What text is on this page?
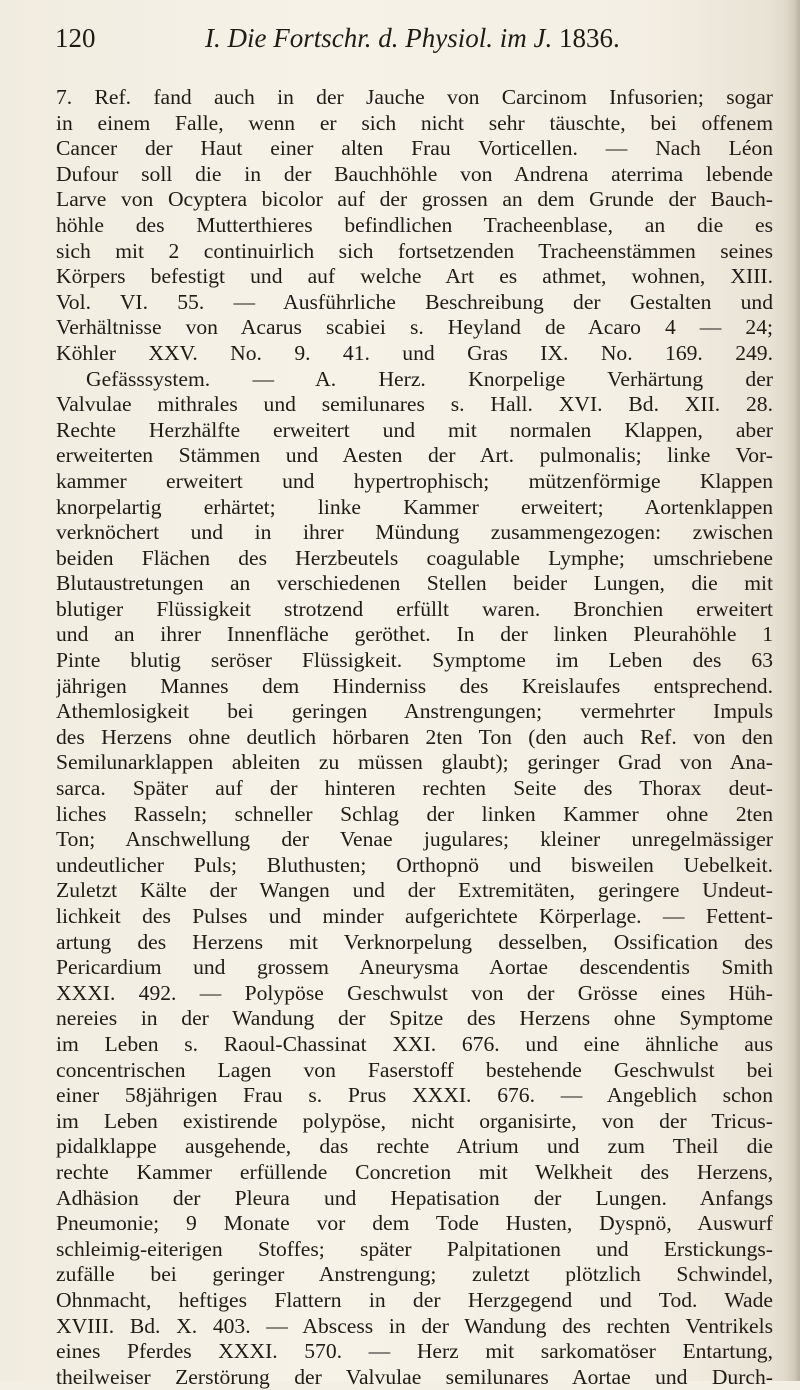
120	I. Die Fortschr. d. Physiol. im J. 1836.
7. Ref. fand auch in der Jauche von Carcinom Infusorien; sogar
in einem Falle, wenn er sich nicht sehr täuschte, bei offenem
Cancer der Haut einer alten Frau Vorticellen. — Nach Léon
Dufour soll die in der Bauchhöhle von Andrena aterrima lebende
Larve von Ocyptera bicolor auf der grossen an dem Grunde der Bauch-
höhle des Mutterthieres befindlichen Tracheenblase, an die es
sich mit 2 continuirlich sich fortsetzenden Tracheenstämmen seines
Körpers befestigt und auf welche Art es athmet, wohnen, XIII.
Vol. VI. 55. — Ausführliche Beschreibung der Gestalten und
Verhältnisse von Acarus scabiei s. Heyland de Acaro 4 — 24;
Köhler XXV. No. 9. 41. und Gras IX. No. 169. 249.
Gefässsystem. — A. Herz. Knorpelige Verhärtung der
Valvulae mithrales und semilunares s. Hall. XVI. Bd. XII. 28.
Rechte Herzhälfte erweitert und mit normalen Klappen, aber
erweiterten Stämmen und Aesten der Art. pulmonalis; linke Vor-
kammer erweitert und hypertrophisch; mützenförmige Klappen
knorpelartig erhärtet; linke Kammer erweitert; Aortenklappen
verknöchert und in ihrer Mündung zusammengezogen: zwischen
beiden Flächen des Herzbeutels coagulable Lymphe; umschriebene
Blutaustretungen an verschiedenen Stellen beider Lungen, die mit
blutiger Flüssigkeit strotzend erfüllt waren. Bronchien erweitert
und an ihrer Innenfläche geröthet. In der linken Pleurahöhle 1
Pinte blutig seröser Flüssigkeit. Symptome im Leben des 63
jährigen Mannes dem Hinderniss des Kreislaufes entsprechend.
Athemlosigkeit bei geringen Anstrengungen; vermehrter Impuls
des Herzens ohne deutlich hörbaren 2ten Ton (den auch Ref. von den
Semilunarklappen ableiten zu müssen glaubt); geringer Grad von Ana-
sarca. Später auf der hinteren rechten Seite des Thorax deut-
liches Rasseln; schneller Schlag der linken Kammer ohne 2ten
Ton; Anschwellung der Venae jugulares; kleiner unregelmässiger
undeutlicher Puls; Bluthusten; Orthopnö und bisweilen Uebelkeit.
Zuletzt Kälte der Wangen und der Extremitäten, geringere Undeut-
lichkeit des Pulses und minder aufgerichtete Körperlage. — Fettent-
artung des Herzens mit Verknorpelung desselben, Ossification des
Pericardium und grossem Aneurysma Aortae descendentis Smith
XXXI. 492. — Polypöse Geschwulst von der Grösse eines Hüh-
nereies in der Wandung der Spitze des Herzens ohne Symptome
im Leben s. Raoul-Chassinat XXI. 676. und eine ähnliche aus
concentrischen Lagen von Faserstoff bestehende Geschwulst bei
einer 58jährigen Frau s. Prus XXXI. 676. — Angeblich schon
im Leben existirende polypöse, nicht organisirte, von der Tricus-
pidalklappe ausgehende, das rechte Atrium und zum Theil die
rechte Kammer erfüllende Concretion mit Welkheit des Herzens,
Adhäsion der Pleura und Hepatisation der Lungen. Anfangs
Pneumonie; 9 Monate vor dem Tode Husten, Dyspnö, Auswurf
schleimig-eiterigen Stoffes; später Palpitationen und Erstickungs-
zufälle bei geringer Anstrengung; zuletzt plötzlich Schwindel,
Ohnmacht, heftiges Flattern in der Herzgegend und Tod. Wade
XVIII. Bd. X. 403. — Abscess in der Wandung des rechten Ventrikels
eines Pferdes XXXI. 570. — Herz mit sarkomatöser Entartung,
theilweiser Zerstörung der Valvulae semilunares Aortae und Durch-
